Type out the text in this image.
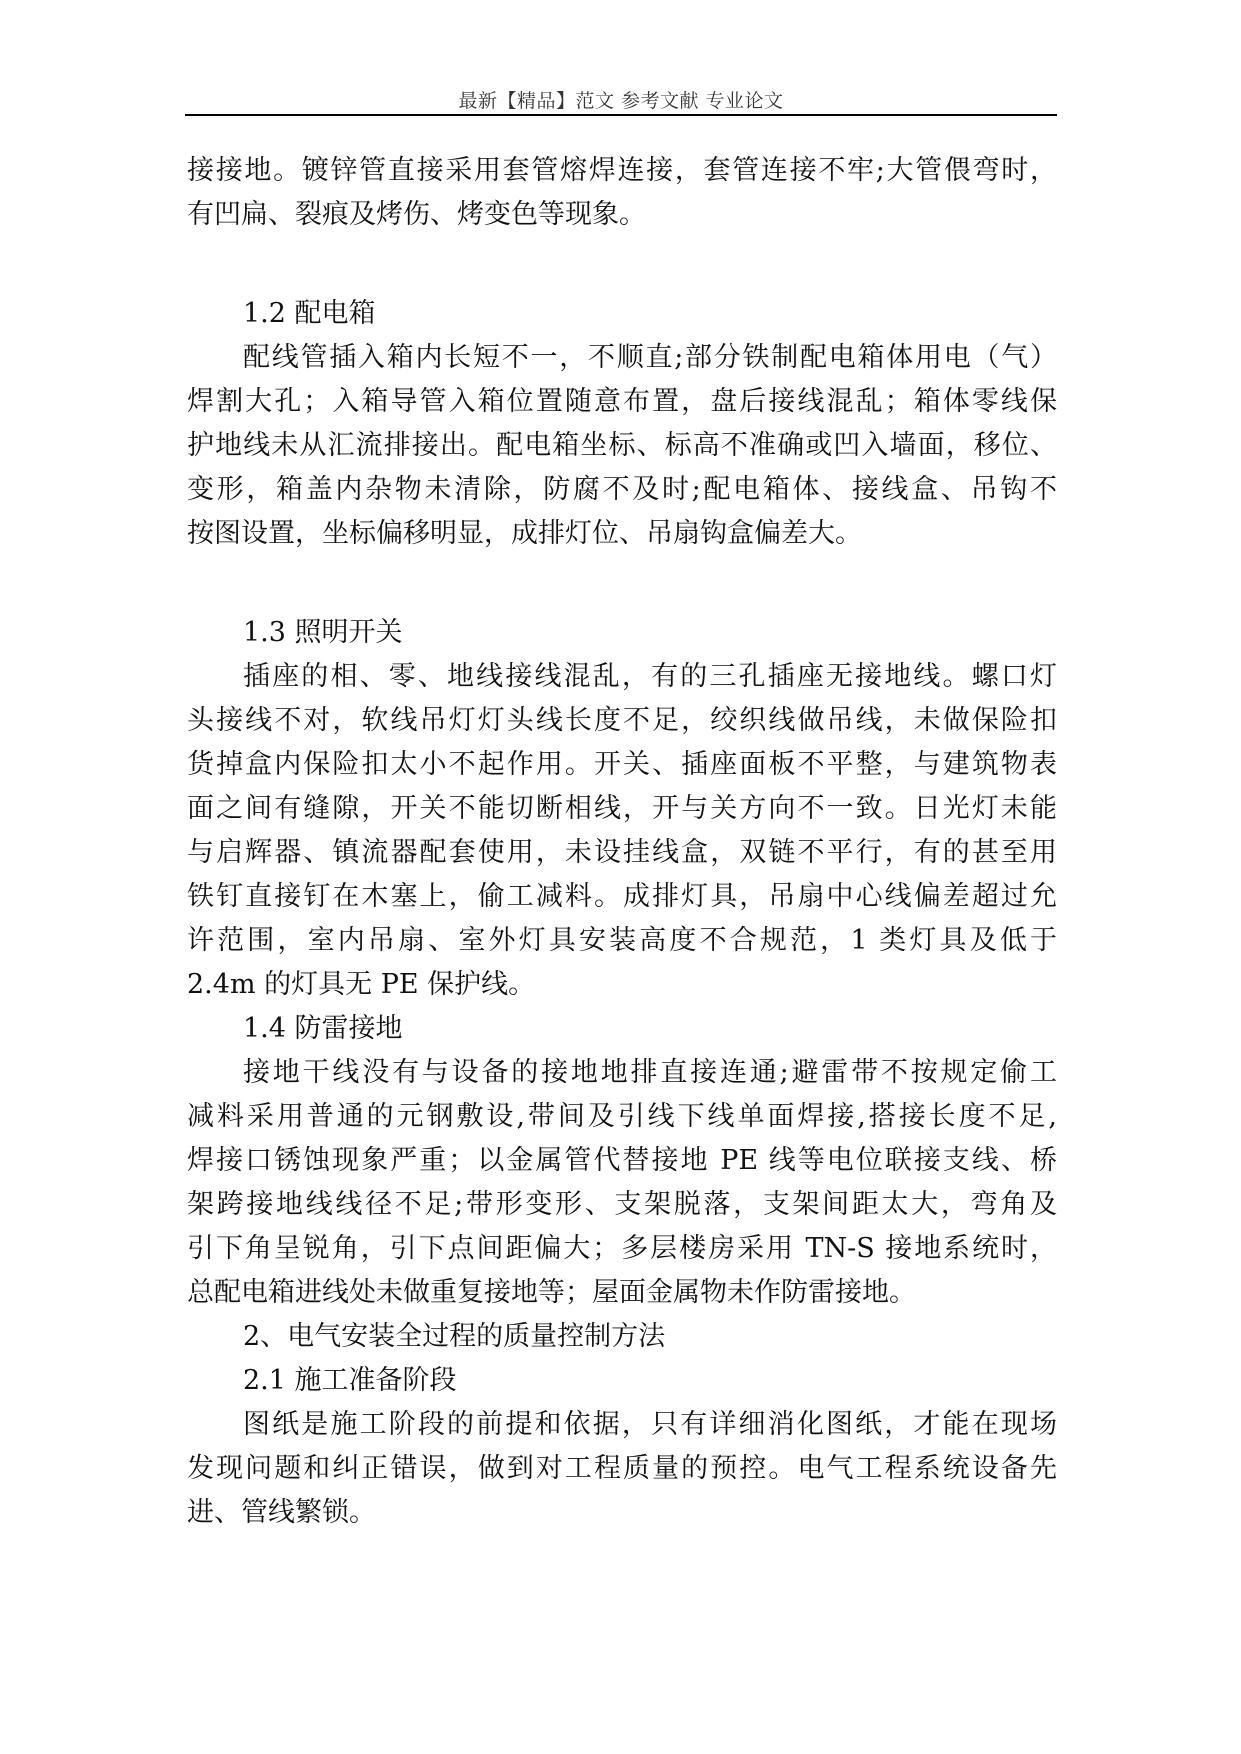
最新【精品】范文 参考文献 专业论文
接接地。镀锌管直接采用套管熔焊连接，套管连接不牢;大管偎弯时，
有凹扁、裂痕及烤伤、烤变色等现象。
1.2 配电箱
配线管插入箱内长短不一，不顺直;部分铁制配电箱体用电（气）
焊割大孔；入箱导管入箱位置随意布置，盘后接线混乱；箱体零线保
护地线未从汇流排接出。配电箱坐标、标高不准确或凹入墙面，移位、
变形，箱盖内杂物未清除，防腐不及时;配电箱体、接线盒、吊钩不
按图设置，坐标偏移明显，成排灯位、吊扇钩盒偏差大。
1.3 照明开关
插座的相、零、地线接线混乱，有的三孔插座无接地线。螺口灯
头接线不对，软线吊灯灯头线长度不足，绞织线做吊线，未做保险扣
货掉盒内保险扣太小不起作用。开关、插座面板不平整，与建筑物表
面之间有缝隙，开关不能切断相线，开与关方向不一致。日光灯未能
与启辉器、镇流器配套使用，未设挂线盒，双链不平行，有的甚至用
铁钉直接钉在木塞上，偷工减料。成排灯具，吊扇中心线偏差超过允
许范围，室内吊扇、室外灯具安装高度不合规范，1 类灯具及低于
2.4m 的灯具无 PE 保护线。
1.4 防雷接地
接地干线没有与设备的接地地排直接连通;避雷带不按规定偷工
减料采用普通的元钢敷设,带间及引线下线单面焊接,搭接长度不足,
焊接口锈蚀现象严重；以金属管代替接地 PE 线等电位联接支线、桥
架跨接地线线径不足;带形变形、支架脱落，支架间距太大，弯角及
引下角呈锐角，引下点间距偏大；多层楼房采用 TN-S 接地系统时，
总配电箱进线处未做重复接地等；屋面金属物未作防雷接地。
2、电气安装全过程的质量控制方法
2.1 施工准备阶段
图纸是施工阶段的前提和依据，只有详细消化图纸，才能在现场
发现问题和纠正错误，做到对工程质量的预控。电气工程系统设备先
进、管线繁锁。
